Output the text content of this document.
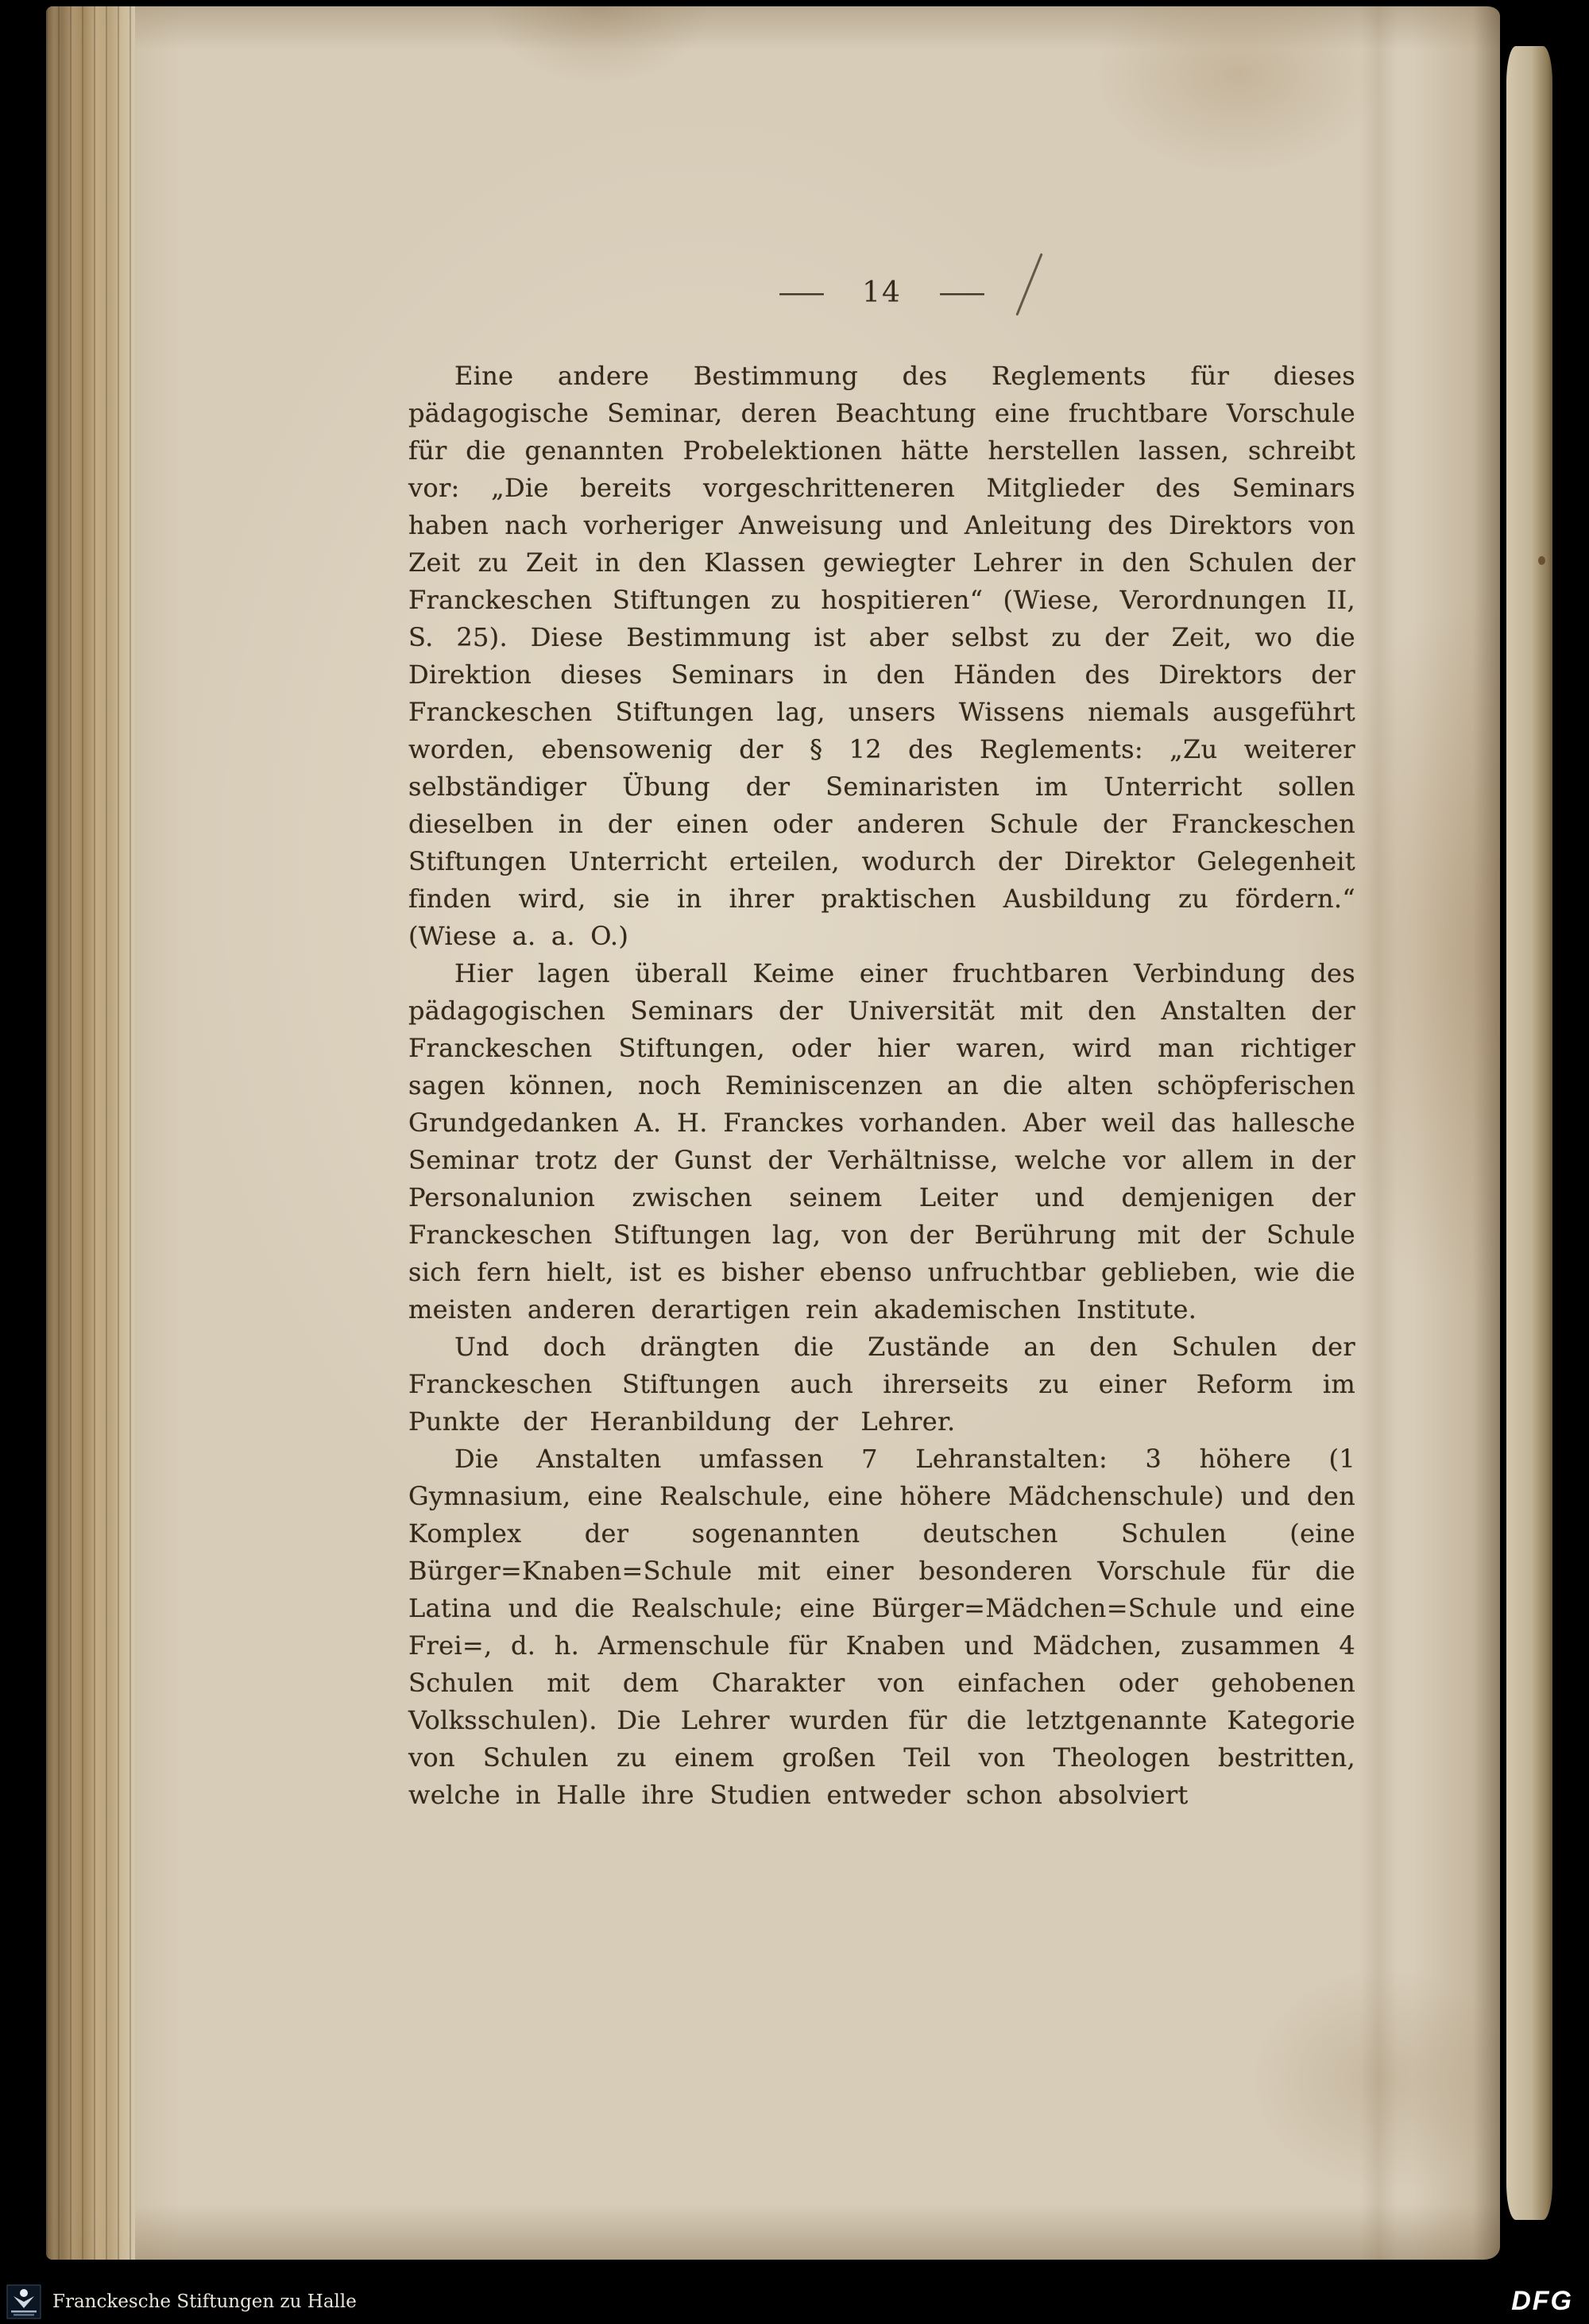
— 14 —

Eine andere Bestimmung des Reglements für dieses pädagogische Seminar, deren Beachtung eine fruchtbare Vorschule für die genannten Probelektionen hätte herstellen lassen, schreibt vor: „Die bereits vorgeschritteneren Mitglieder des Seminars haben nach vorheriger Anweisung und Anleitung des Direktors von Zeit zu Zeit in den Klassen gewiegter Lehrer in den Schulen der Franckeschen Stiftungen zu hospitieren“ (Wiese, Verordnungen II, S. 25). Diese Bestimmung ist aber selbst zu der Zeit, wo die Direktion dieses Seminars in den Händen des Direktors der Franckeschen Stiftungen lag, unsers Wissens niemals ausgeführt worden, ebensowenig der § 12 des Reglements: „Zu weiterer selbständiger Übung der Seminaristen im Unterricht sollen dieselben in der einen oder anderen Schule der Franckeschen Stiftungen Unterricht erteilen, wodurch der Direktor Gelegenheit finden wird, sie in ihrer praktischen Ausbildung zu fördern.“ (Wiese a. a. O.)

Hier lagen überall Keime einer fruchtbaren Verbindung des pädagogischen Seminars der Universität mit den Anstalten der Franckeschen Stiftungen, oder hier waren, wird man richtiger sagen können, noch Reminiscenzen an die alten schöpferischen Grundgedanken A. H. Franckes vorhanden. Aber weil das hallesche Seminar trotz der Gunst der Verhältnisse, welche vor allem in der Personalunion zwischen seinem Leiter und demjenigen der Franckeschen Stiftungen lag, von der Berührung mit der Schule sich fern hielt, ist es bisher ebenso unfruchtbar geblieben, wie die meisten anderen derartigen rein akademischen Institute.

Und doch drängten die Zustände an den Schulen der Franckeschen Stiftungen auch ihrerseits zu einer Reform im Punkte der Heranbildung der Lehrer.

Die Anstalten umfassen 7 Lehranstalten: 3 höhere (1 Gymnasium, eine Realschule, eine höhere Mädchenschule) und den Komplex der sogenannten deutschen Schulen (eine Bürger=Knaben=Schule mit einer besonderen Vorschule für die Latina und die Realschule; eine Bürger=Mädchen=Schule und eine Frei=, d. h. Armenschule für Knaben und Mädchen, zusammen 4 Schulen mit dem Charakter von einfachen oder gehobenen Volksschulen). Die Lehrer wurden für die letztgenannte Kategorie von Schulen zu einem großen Teil von Theologen bestritten, welche in Halle ihre Studien entweder schon absolviert

Franckesche Stiftungen zu Halle	DFG
